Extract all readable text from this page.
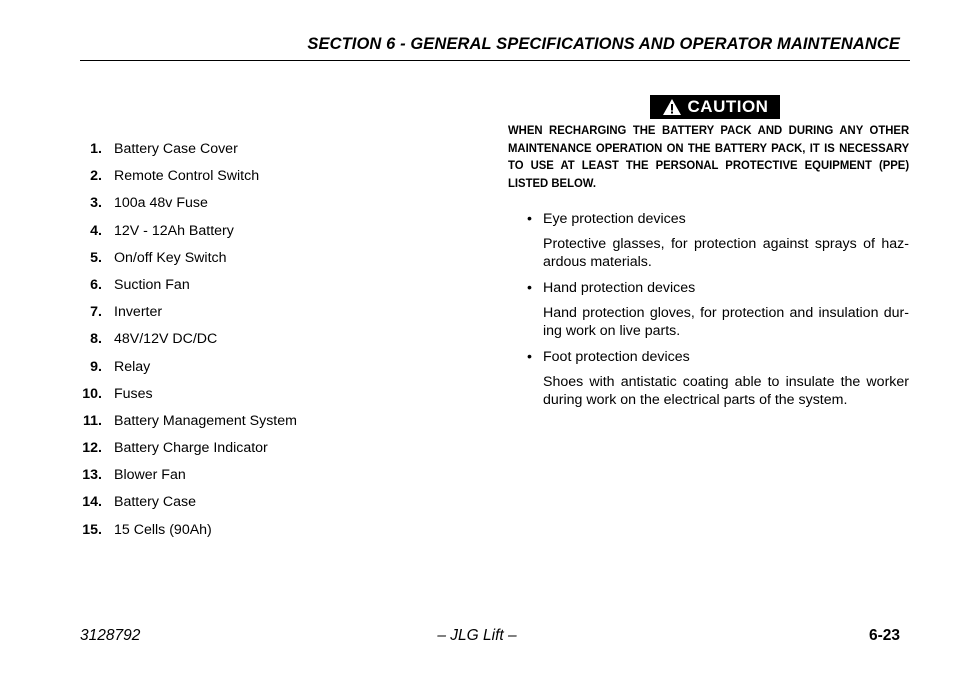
SECTION 6 - GENERAL SPECIFICATIONS AND OPERATOR MAINTENANCE
1. Battery Case Cover
2. Remote Control Switch
3. 100a 48v Fuse
4. 12V - 12Ah Battery
5. On/off Key Switch
6. Suction Fan
7. Inverter
8. 48V/12V DC/DC
9. Relay
10. Fuses
11. Battery Management System
12. Battery Charge Indicator
13. Blower Fan
14. Battery Case
15. 15 Cells (90Ah)
CAUTION
WHEN RECHARGING THE BATTERY PACK AND DURING ANY OTHER MAINTENANCE OPERATION ON THE BATTERY PACK, IT IS NECESSARY TO USE AT LEAST THE PERSONAL PROTECTIVE EQUIPMENT (PPE) LISTED BELOW.
• Eye protection devices
Protective glasses, for protection against sprays of haz-ardous materials.
• Hand protection devices
Hand protection gloves, for protection and insulation dur-ing work on live parts.
• Foot protection devices
Shoes with antistatic coating able to insulate the worker during work on the electrical parts of the system.
3128792	– JLG Lift –	6-23
